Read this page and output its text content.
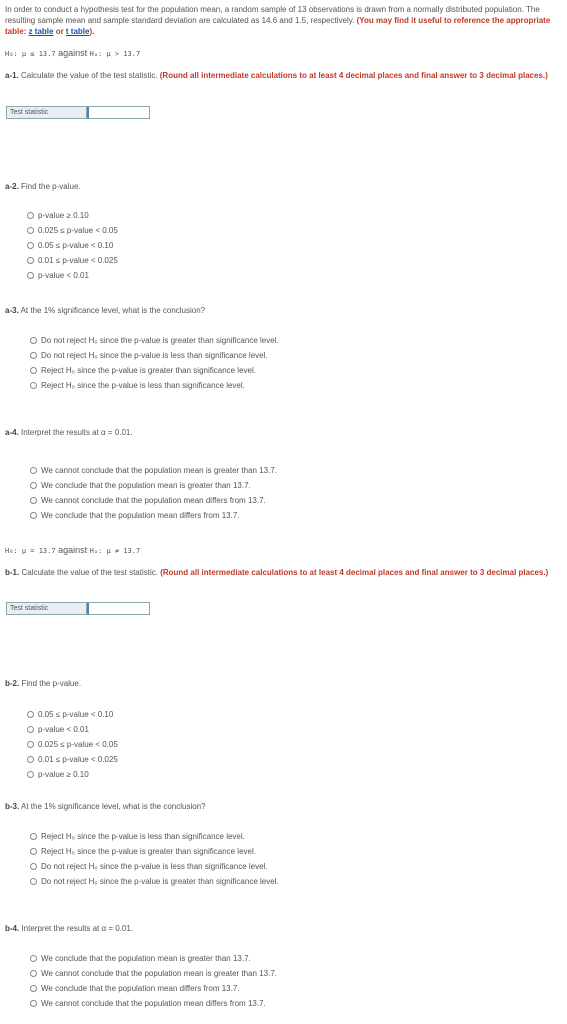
In order to conduct a hypothesis test for the population mean, a random sample of 13 observations is drawn from a normally distributed population. The resulting sample mean and sample standard deviation are calculated as 14.6 and 1.5, respectively. (You may find it useful to reference the appropriate table: z table or t table).
H₀: μ ≤ 13.7 against Hₐ: μ > 13.7
a-1. Calculate the value of the test statistic. (Round all intermediate calculations to at least 4 decimal places and final answer to 3 decimal places.)
Test statistic
a-2. Find the p-value.
p-value ≥ 0.10
0.025 ≤ p-value < 0.05
0.05 ≤ p-value < 0.10
0.01 ≤ p-value < 0.025
p-value < 0.01
a-3. At the 1% significance level, what is the conclusion?
Do not reject H₀ since the p-value is greater than significance level.
Do not reject H₀ since the p-value is less than significance level.
Reject H₀ since the p-value is greater than significance level.
Reject H₀ since the p-value is less than significance level.
a-4. Interpret the results at α = 0.01.
We cannot conclude that the population mean is greater than 13.7.
We conclude that the population mean is greater than 13.7.
We cannot conclude that the population mean differs from 13.7.
We conclude that the population mean differs from 13.7.
H₀: μ = 13.7 against Hₐ: μ ≠ 13.7
b-1. Calculate the value of the test statistic. (Round all intermediate calculations to at least 4 decimal places and final answer to 3 decimal places.)
Test statistic
b-2. Find the p-value.
0.05 ≤ p-value < 0.10
p-value < 0.01
0.025 ≤ p-value < 0.05
0.01 ≤ p-value < 0.025
p-value ≥ 0.10
b-3. At the 1% significance level, what is the conclusion?
Reject H₀ since the p-value is less than significance level.
Reject H₀ since the p-value is greater than significance level.
Do not reject H₀ since the p-value is less than significance level.
Do not reject H₀ since the p-value is greater than significance level.
b-4. Interpret the results at α = 0.01.
We conclude that the population mean is greater than 13.7.
We cannot conclude that the population mean is greater than 13.7.
We conclude that the population mean differs from 13.7.
We cannot conclude that the population mean differs from 13.7.
